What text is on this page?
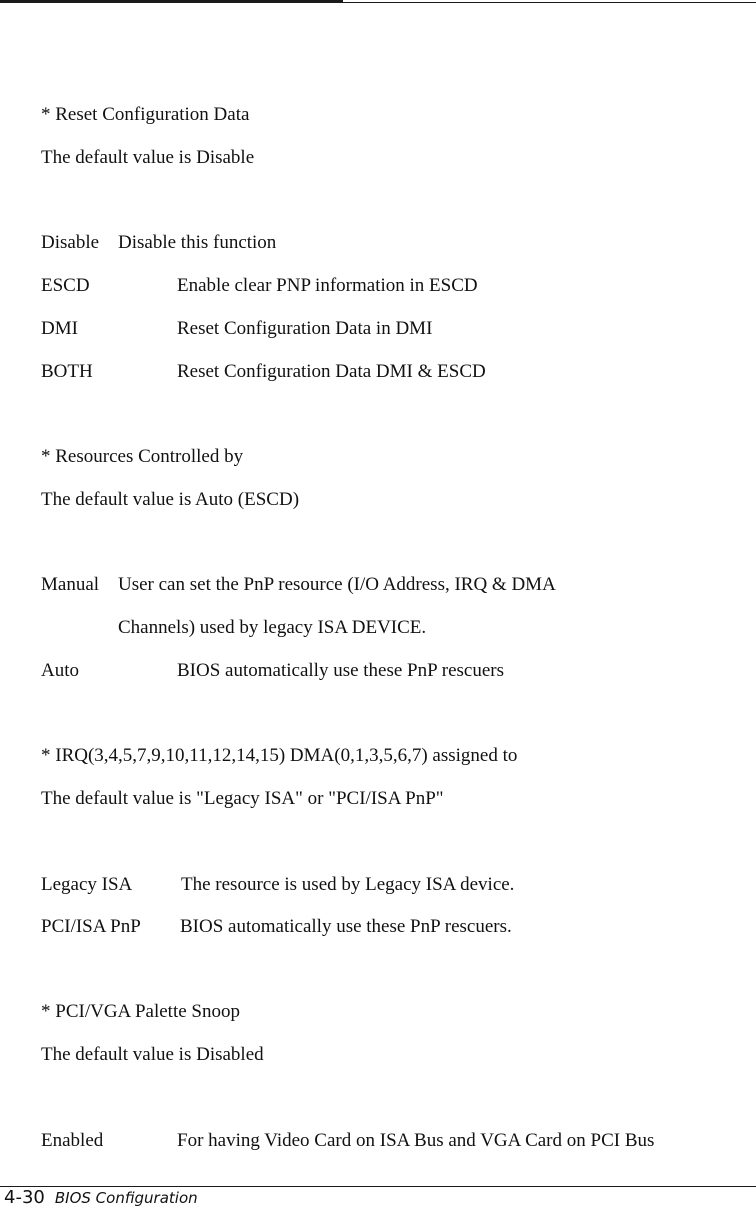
* Reset Configuration Data
The default value is Disable
Disable Disable this function
ESCD	Enable clear PNP information in ESCD
DMI	Reset Configuration Data in DMI
BOTH	Reset Configuration Data DMI & ESCD
* Resources Controlled by
The default value is Auto (ESCD)
Manual User can set the PnP resource (I/O Address, IRQ & DMA
Channels) used by legacy ISA DEVICE.
Auto	BIOS automatically use these PnP rescuers
* IRQ(3,4,5,7,9,10,11,12,14,15) DMA(0,1,3,5,6,7) assigned to
The default value is "Legacy ISA" or "PCI/ISA PnP"
Legacy ISA	The resource is used by Legacy ISA device.
PCI/ISA PnP BIOS automatically use these PnP rescuers.
* PCI/VGA Palette Snoop
The default value is Disabled
Enabled	For having Video Card on ISA Bus and VGA Card on PCI Bus
4-30 BIOS Configuration
